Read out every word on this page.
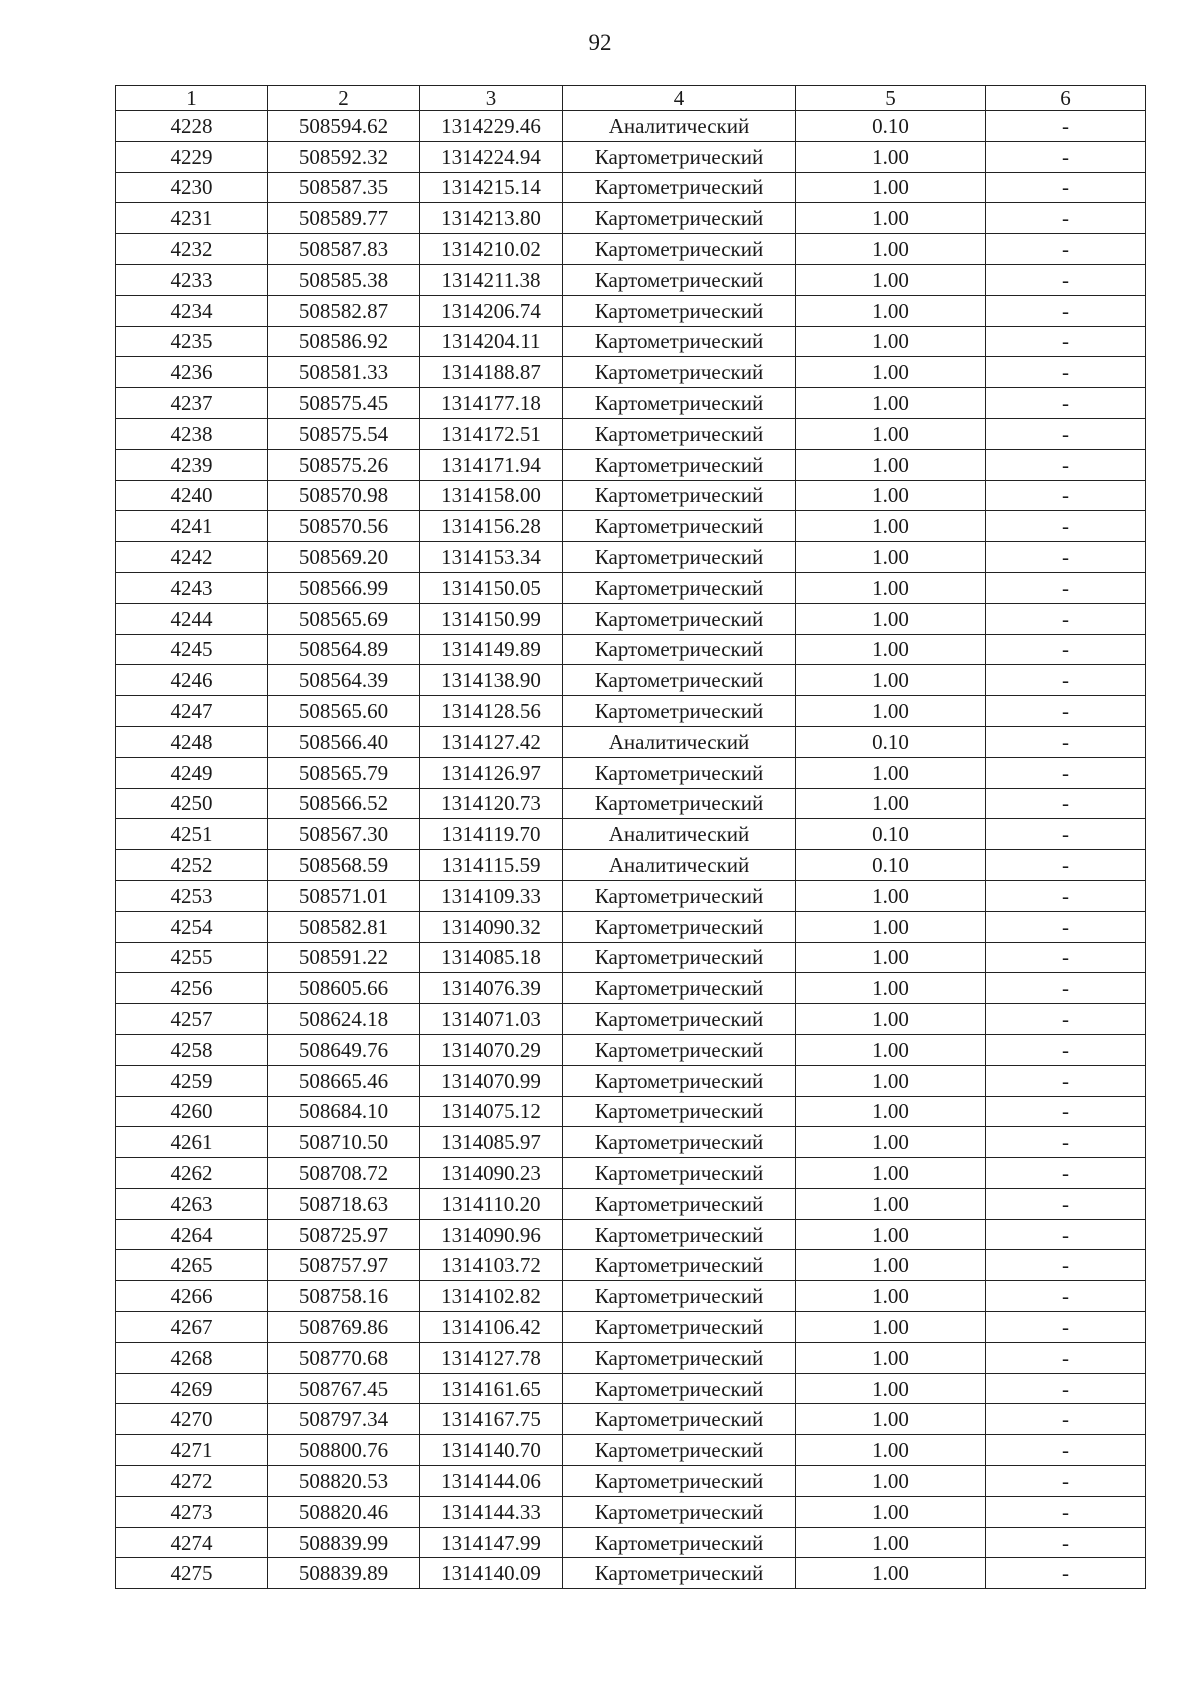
92
1	2	3	4	5	6
4228	508594.62	1314229.46	Аналитический	0.10	-
4229	508592.32	1314224.94	Картометрический	1.00	-
4230	508587.35	1314215.14	Картометрический	1.00	-
4231	508589.77	1314213.80	Картометрический	1.00	-
4232	508587.83	1314210.02	Картометрический	1.00	-
4233	508585.38	1314211.38	Картометрический	1.00	-
4234	508582.87	1314206.74	Картометрический	1.00	-
4235	508586.92	1314204.11	Картометрический	1.00	-
4236	508581.33	1314188.87	Картометрический	1.00	-
4237	508575.45	1314177.18	Картометрический	1.00	-
4238	508575.54	1314172.51	Картометрический	1.00	-
4239	508575.26	1314171.94	Картометрический	1.00	-
4240	508570.98	1314158.00	Картометрический	1.00	-
4241	508570.56	1314156.28	Картометрический	1.00	-
4242	508569.20	1314153.34	Картометрический	1.00	-
4243	508566.99	1314150.05	Картометрический	1.00	-
4244	508565.69	1314150.99	Картометрический	1.00	-
4245	508564.89	1314149.89	Картометрический	1.00	-
4246	508564.39	1314138.90	Картометрический	1.00	-
4247	508565.60	1314128.56	Картометрический	1.00	-
4248	508566.40	1314127.42	Аналитический	0.10	-
4249	508565.79	1314126.97	Картометрический	1.00	-
4250	508566.52	1314120.73	Картометрический	1.00	-
4251	508567.30	1314119.70	Аналитический	0.10	-
4252	508568.59	1314115.59	Аналитический	0.10	-
4253	508571.01	1314109.33	Картометрический	1.00	-
4254	508582.81	1314090.32	Картометрический	1.00	-
4255	508591.22	1314085.18	Картометрический	1.00	-
4256	508605.66	1314076.39	Картометрический	1.00	-
4257	508624.18	1314071.03	Картометрический	1.00	-
4258	508649.76	1314070.29	Картометрический	1.00	-
4259	508665.46	1314070.99	Картометрический	1.00	-
4260	508684.10	1314075.12	Картометрический	1.00	-
4261	508710.50	1314085.97	Картометрический	1.00	-
4262	508708.72	1314090.23	Картометрический	1.00	-
4263	508718.63	1314110.20	Картометрический	1.00	-
4264	508725.97	1314090.96	Картометрический	1.00	-
4265	508757.97	1314103.72	Картометрический	1.00	-
4266	508758.16	1314102.82	Картометрический	1.00	-
4267	508769.86	1314106.42	Картометрический	1.00	-
4268	508770.68	1314127.78	Картометрический	1.00	-
4269	508767.45	1314161.65	Картометрический	1.00	-
4270	508797.34	1314167.75	Картометрический	1.00	-
4271	508800.76	1314140.70	Картометрический	1.00	-
4272	508820.53	1314144.06	Картометрический	1.00	-
4273	508820.46	1314144.33	Картометрический	1.00	-
4274	508839.99	1314147.99	Картометрический	1.00	-
4275	508839.89	1314140.09	Картометрический	1.00	-
